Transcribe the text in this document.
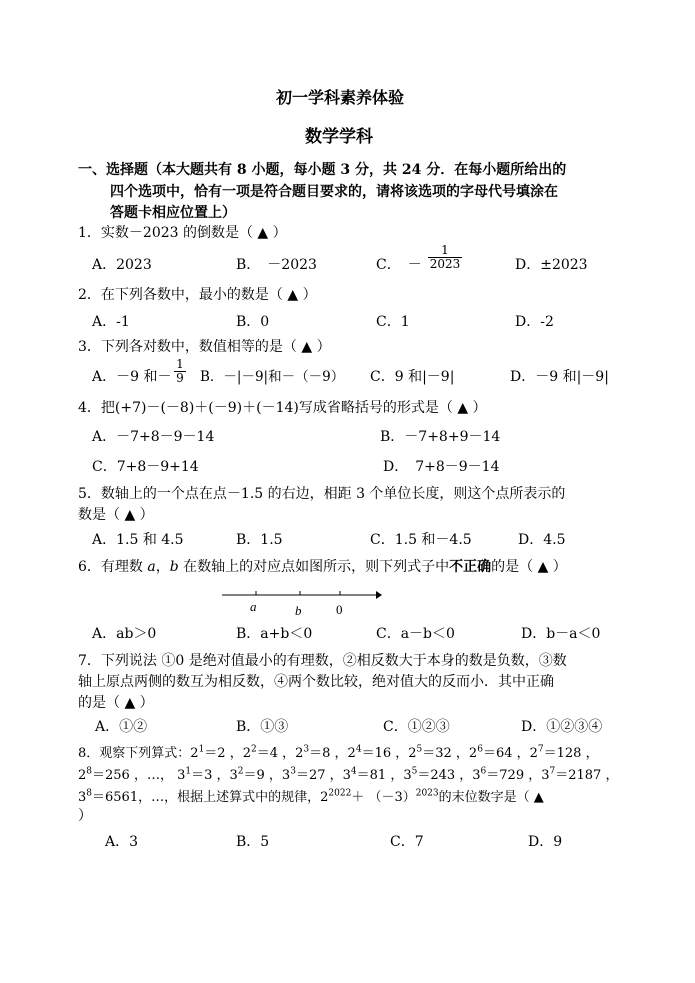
初一学科素养体验
数学学科
一、选择题（本大题共有 8 小题，每小题 3 分，共 24 分．在每小题所给出的
四个选项中，恰有一项是符合题目要求的，请将该选项的字母代号填涂在
答题卡相应位置上）
1．实数－2023 的倒数是（ ▲ ）
A．2023	B．　－2023	C．　－
1
2023	D．±2023
2．在下列各数中，最小的数是（ ▲ ）
A．-1	B．0	C．1	D．-2
3．下列各对数中，数值相等的是（ ▲ ）
A．－9 和－
1
9 B．－|－9|和－（－9） C．9 和|－9|	D．－9 和|－9|
4．把(+7)－(－8)＋(－9)＋(－14)写成省略括号的形式是（ ▲ ）
A．－7+8－9－14	B．－7+8+9－14
C．7+8－9+14	D．　7+8－9－14
5．数轴上的一个点在点－1.5 的右边，相距 3 个单位长度，则这个点所表示的
数是（ ▲ ）
A．1.5 和 4.5	B．1.5	C．1.5 和－4.5	D．4.5
6．有理数 a，b 在数轴上的对应点如图所示，则下列式子中不正确的是（ ▲ ）
a	b	0
A．ab＞0	B．a+b＜0	C．a－b＜0	D．b－a＜0
7．下列说法 ①0 是绝对值最小的有理数，②相反数大于本身的数是负数，③数
轴上原点两侧的数互为相反数，④两个数比较，绝对值大的反而小．其中正确
的是（ ▲ ）
A．①②	B．①③	C．①②③	D．①②③④
8．观察下列算式：$2^1=2$ ，$2^2=4$ ，$2^3=8$ ，$2^4=16$ ，$2^5=32$ ，$2^6=64$ ，$2^7=128$ ，
$2^8=256$ ，…， $3^1=3$ ，$3^2=9$ ，$3^3=27$ ，$3^4=81$ ，$3^5=243$ ，$3^6=729$ ，$3^7=2187$ ，
$3^8=6561$，…，根据上述算式中的规律，$2^{2022}+ (-3)^{2023}$的末位数字是（ ▲
）
A．3	B．5	C．7	D．9
